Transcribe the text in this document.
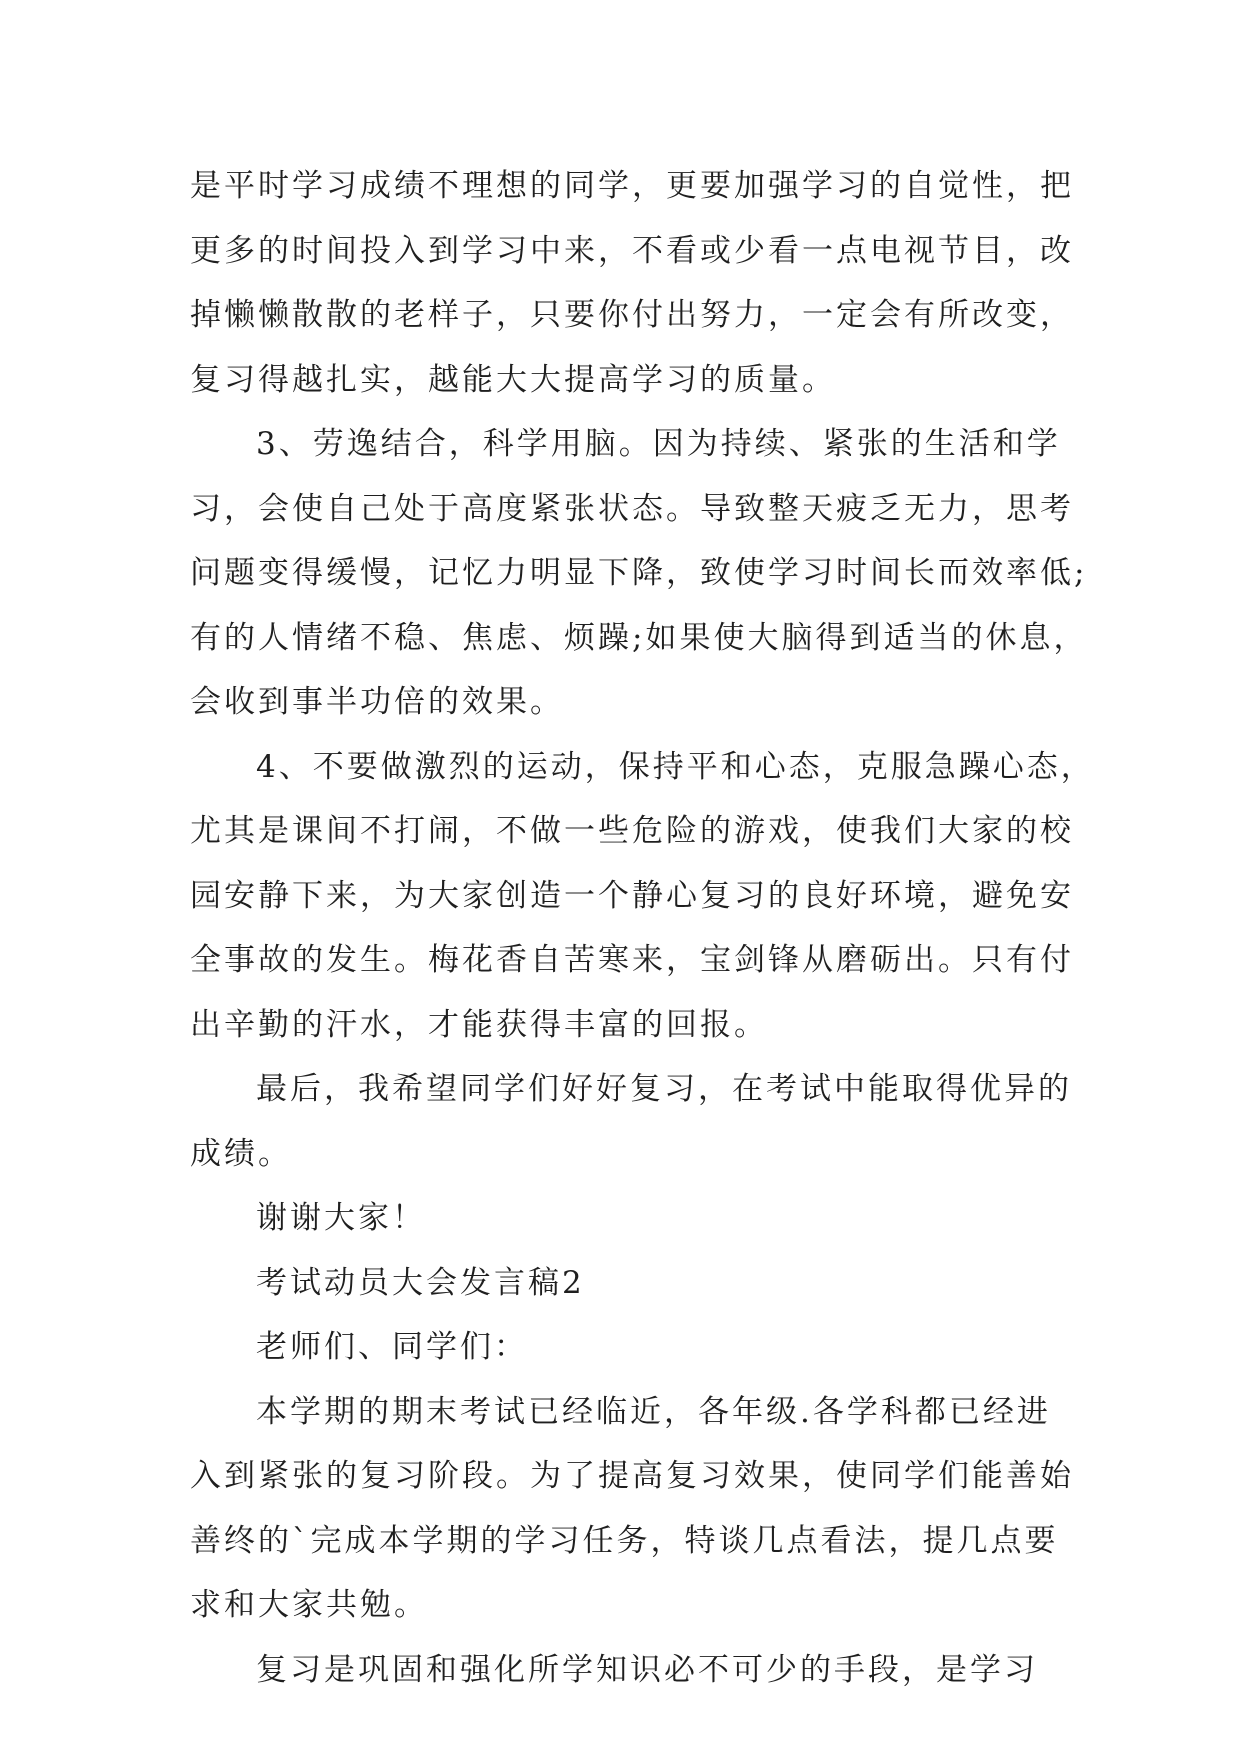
是平时学习成绩不理想的同学，更要加强学习的自觉性，把
更多的时间投入到学习中来，不看或少看一点电视节目，改
掉懒懒散散的老样子，只要你付出努力，一定会有所改变，
复习得越扎实，越能大大提高学习的质量。
3、劳逸结合，科学用脑。因为持续、紧张的生活和学
习，会使自己处于高度紧张状态。导致整天疲乏无力，思考
问题变得缓慢，记忆力明显下降，致使学习时间长而效率低;
有的人情绪不稳、焦虑、烦躁;如果使大脑得到适当的休息，
会收到事半功倍的效果。
4、不要做激烈的运动，保持平和心态，克服急躁心态，
尤其是课间不打闹，不做一些危险的游戏，使我们大家的校
园安静下来，为大家创造一个静心复习的良好环境，避免安
全事故的发生。梅花香自苦寒来，宝剑锋从磨砺出。只有付
出辛勤的汗水，才能获得丰富的回报。
最后，我希望同学们好好复习，在考试中能取得优异的
成绩。
谢谢大家！
考试动员大会发言稿2
老师们、同学们：
本学期的期末考试已经临近，各年级.各学科都已经进
入到紧张的复习阶段。为了提高复习效果，使同学们能善始
善终的`完成本学期的学习任务，特谈几点看法，提几点要
求和大家共勉。
复习是巩固和强化所学知识必不可少的手段，是学习
